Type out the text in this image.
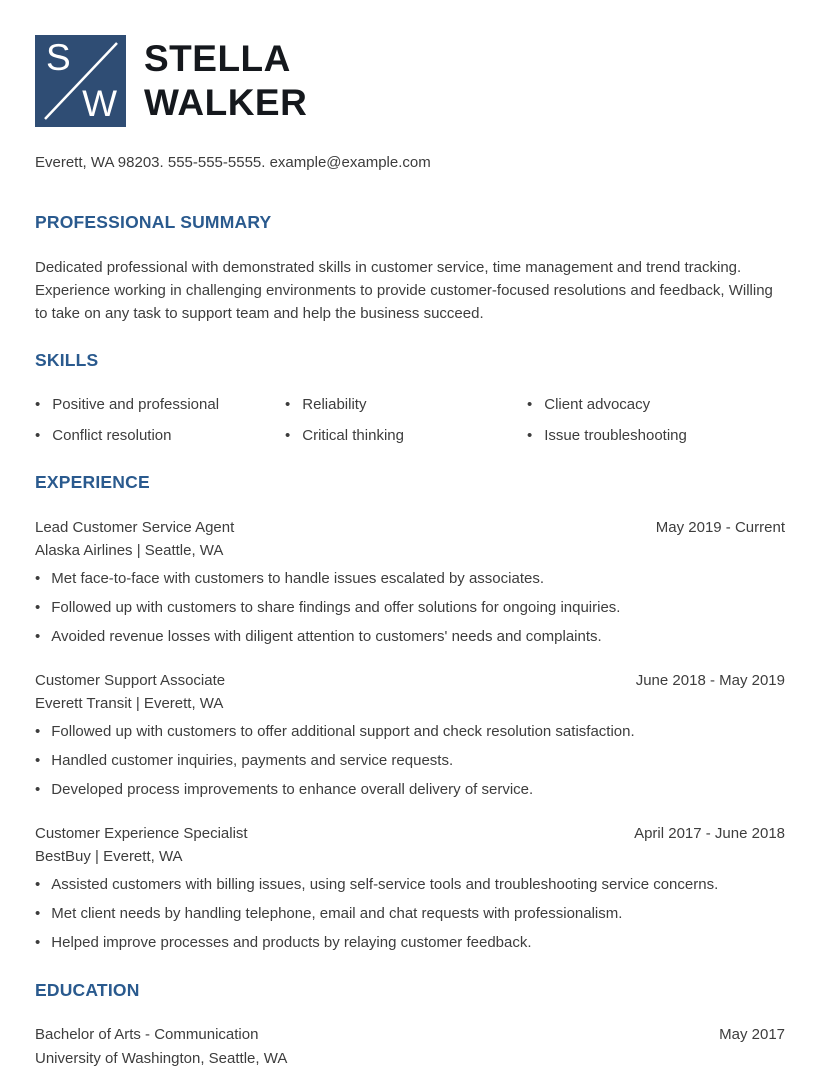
S
W
STELLA
WALKER
Everett, WA 98203. 555-555-5555. example@example.com
PROFESSIONAL SUMMARY

Dedicated professional with demonstrated skills in customer service, time management and trend tracking. Experience working in challenging environments to provide customer-focused resolutions and feedback, Willing to take on any task to support team and help the business succeed.

SKILLS
• Positive and professional	• Reliability	• Client advocacy
• Conflict resolution	• Critical thinking	• Issue troubleshooting
EXPERIENCE
Lead Customer Service Agent	May 2019 - Current
Alaska Airlines | Seattle, WA
• Met face-to-face with customers to handle issues escalated by associates.
• Followed up with customers to share findings and offer solutions for ongoing inquiries.
• Avoided revenue losses with diligent attention to customers' needs and complaints.
Customer Support Associate	June 2018 - May 2019
Everett Transit | Everett, WA
• Followed up with customers to offer additional support and check resolution satisfaction.
• Handled customer inquiries, payments and service requests.
• Developed process improvements to enhance overall delivery of service.
Customer Experience Specialist	April 2017 - June 2018
BestBuy | Everett, WA
• Assisted customers with billing issues, using self-service tools and troubleshooting service concerns.
• Met client needs by handling telephone, email and chat requests with professionalism.
• Helped improve processes and products by relaying customer feedback.
EDUCATION
Bachelor of Arts - Communication	May 2017
University of Washington, Seattle, WA
